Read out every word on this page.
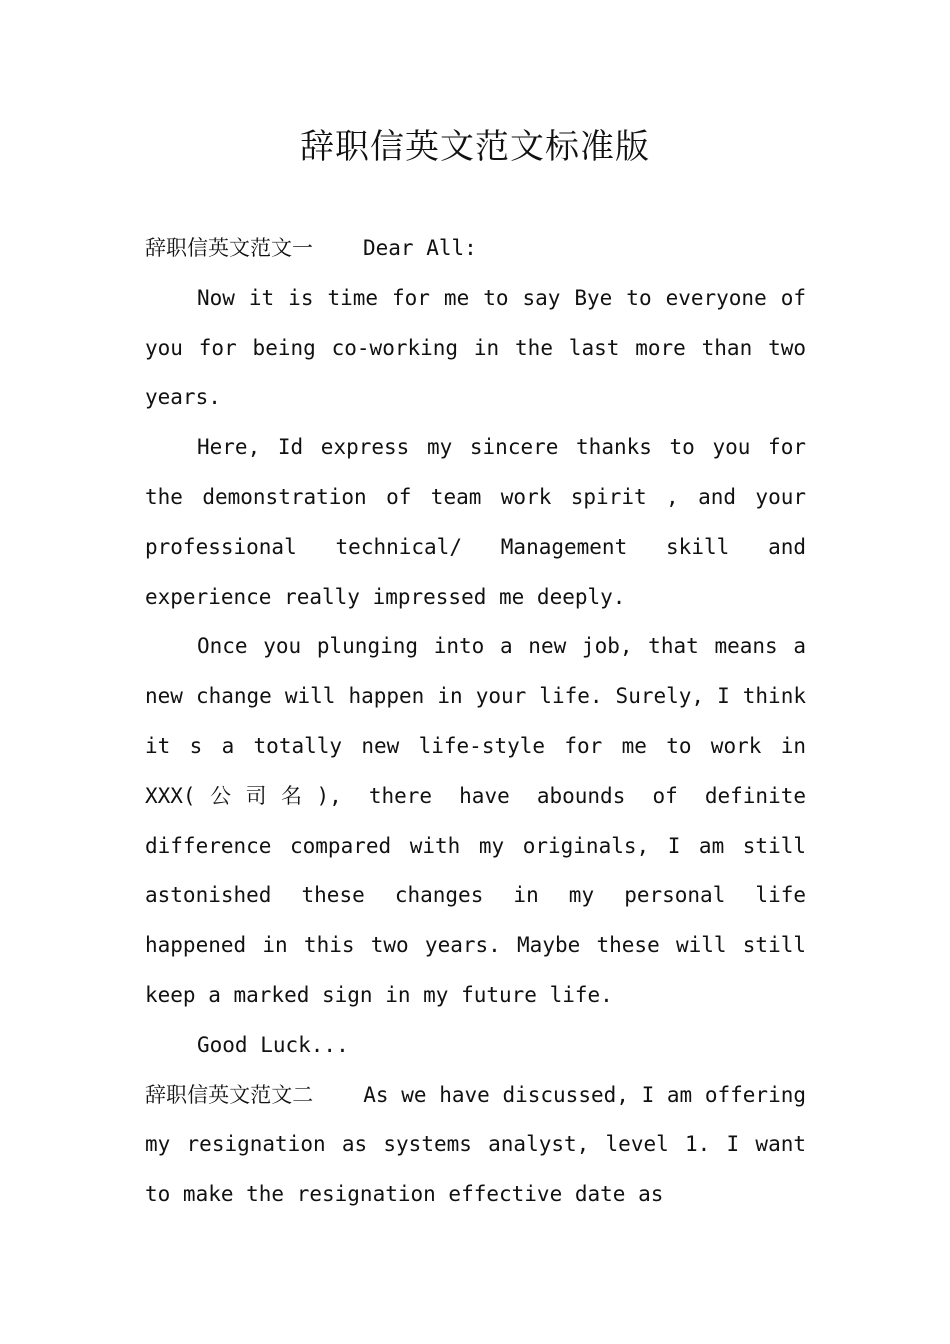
辞职信英文范文标准版

辞职信英文范文一 Dear All:

Now it is time for me to say Bye to everyone of you for being co-working in the last more than two years.

Here, Id express my sincere thanks to you for the demonstration of team work spirit , and your professional technical/ Management skill and experience really impressed me deeply.

Once you plunging into a new job, that means a new change will happen in your life. Surely, I think it s a totally new life-style for me to work in XXX(公司名), there have abounds of definite difference compared with my originals, I am still astonished these changes in my personal life happened in this two years. Maybe these will still keep a marked sign in my future life.

Good Luck...

辞职信英文范文二 As we have discussed, I am offering my resignation as systems analyst, level 1. I want to make the resignation effective date as
